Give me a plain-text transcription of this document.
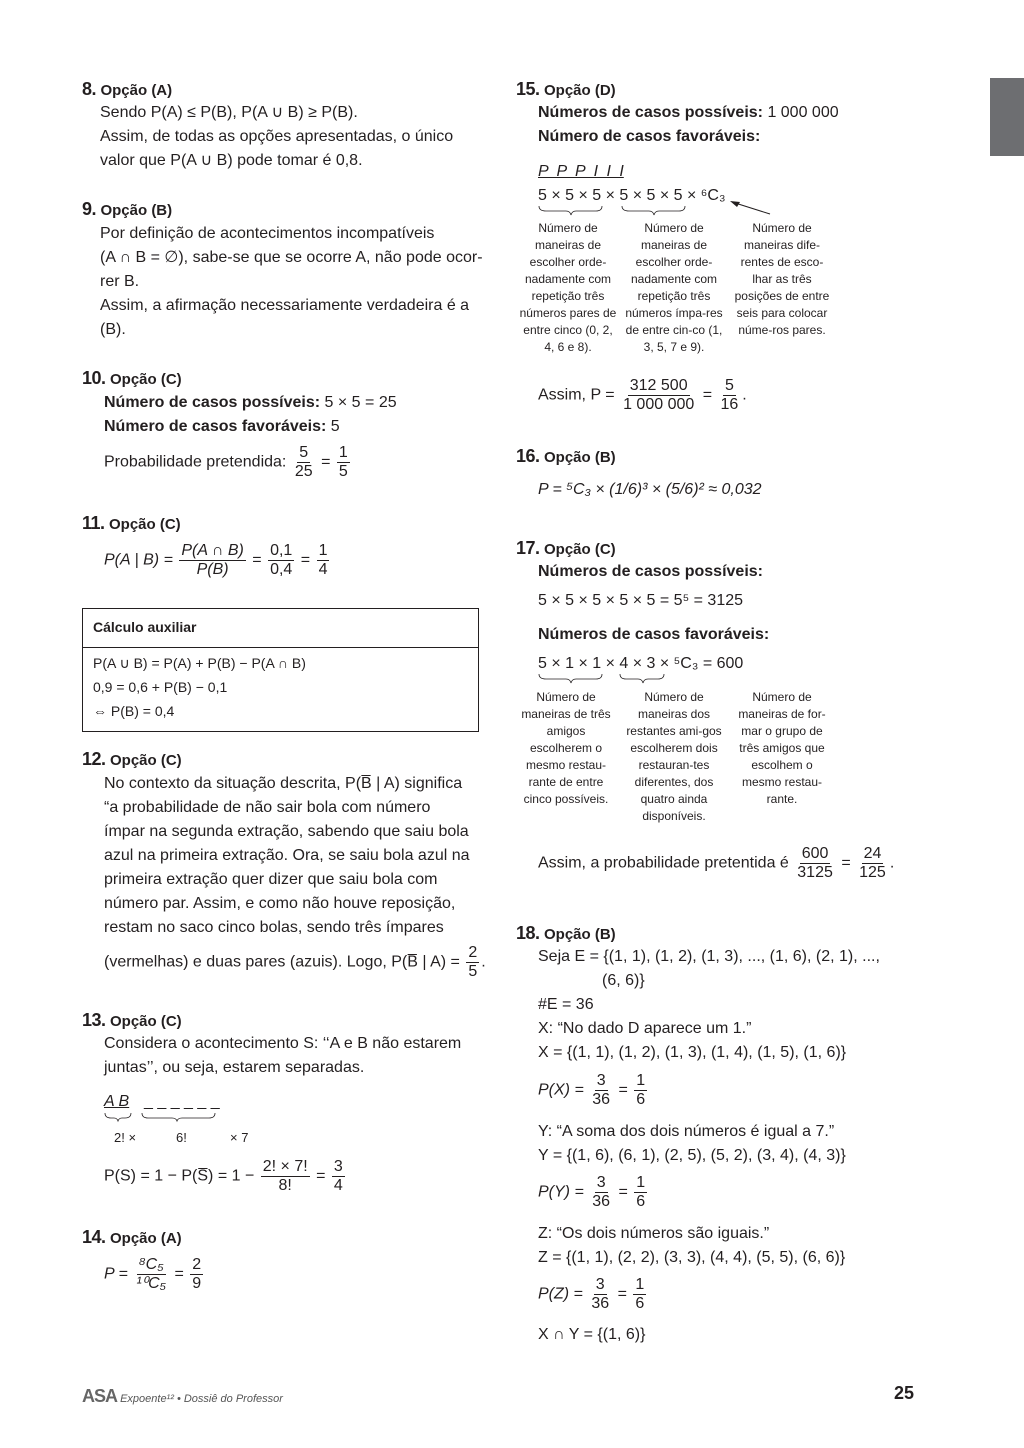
8. Opção (A)
Sendo P(A) ≤ P(B), P(A ∪ B) ≥ P(B).
Assim, de todas as opções apresentadas, o único
valor que P(A ∪ B) pode tomar é 0,8.
9. Opção (B)
Por definição de acontecimentos incompatíveis
(A ∩ B = ∅), sabe-se que se ocorre A, não pode ocor-
rer B.
Assim, a afirmação necessariamente verdadeira é a
(B).
10. Opção (C)
Número de casos possíveis: 5 × 5 = 25
Número de casos favoráveis: 5
Probabilidade pretendida: $\frac{5}{25} = \frac{1}{5}$
11. Opção (C)
P(A | $B) = \frac{P(A \cap B)}{P(B)} = \frac{0,1}{0,4} = \frac{1}{4}$
Cálculo auxiliar
P(A ∪ B) = P(A) + P(B) − P(A ∩ B)
0,9 = 0,6 + P(B) − 0,1
⇔ P(B) = 0,4
12. Opção (C)
No contexto da situação descrita, P(B̅ | A) significa
“a probabilidade de não sair bola com número
ímpar na segunda extração, sabendo que saiu bola
azul na primeira extração. Ora, se saiu bola azul na
primeira extração quer dizer que saiu bola com
número par. Assim, e como não houve reposição,
restam no saco cinco bolas, sendo três ímpares
(vermelhas) e duas pares (azuis). Logo, P(B̅ | $A) = \frac{2}{5}$ .
13. Opção (C)
Considera o acontecimento S: ‘‘A e B não estarem
juntas’’, ou seja, estarem separadas.
A B _ _ _ _ _ _
2! ×	6!	× 7
P(S) = 1 − P(S̅) = $1 - \frac{2! \times 7!}{8!} = \frac{3}{4}$
14. Opção (A)
$P = \frac{\text{⁸C₅}}{\text{¹⁰C₅}} = \frac{2}{9}$
15. Opção (D)
Números de casos possíveis: 1 000 000
Número de casos favoráveis:
P P P I I I
5 × 5 × 5 × 5 × 5 × 5 × ⁶C₃
Número de maneiras de escolher orde-nadamente com repetição três números pares de entre cinco (0, 2, 4, 6 e 8).
Número de maneiras de escolher orde-nadamente com repetição três números ímpa-res de entre cin-co (1, 3, 5, 7 e 9).
Número de maneiras dife-rentes de esco-lhar as três posições de entre seis para colocar núme-ros pares.
Assim, $P = \frac{312 500}{1 000 000} = \frac{5}{16}$ .
16. Opção (B)
P = ⁵C₃ × (1/6)³ × (5/6)² ≈ 0,032
17. Opção (C)
Números de casos possíveis:
5 × 5 × 5 × 5 × 5 = 5⁵ = 3125
Números de casos favoráveis:
5 × 1 × 1 × 4 × 3 × ⁵C₃ = 600
Número de maneiras de três amigos escolherem o mesmo restau-rante de entre cinco possíveis.
Número de maneiras dos restantes ami-gos escolherem dois restauran-tes diferentes, dos quatro ainda disponíveis.
Número de maneiras de for-mar o grupo de três amigos que escolhem o mesmo restau-rante.
Assim, a probabilidade pretentida é $\frac{600}{3125} = \frac{24}{125}$ .
18. Opção (B)
Seja E = {(1, 1), (1, 2), (1, 3), ..., (1, 6), (2, 1), ...,
(6, 6)}
#E = 36
X: “No dado D aparece um 1.”
X = {(1, 1), (1, 2), (1, 3), (1, 4), (1, 5), (1, 6)}
$P(X) = \frac{3}{36} = \frac{1}{6}$
Y: “A soma dos dois números é igual a 7.”
Y = {(1, 6), (6, 1), (2, 5), (5, 2), (3, 4), (4, 3)}
$P(Y) = \frac{3}{36} = \frac{1}{6}$
Z: “Os dois números são iguais.”
Z = {(1, 1), (2, 2), (3, 3), (4, 4), (5, 5), (6, 6)}
$P(Z) = \frac{3}{36} = \frac{1}{6}$
X ∩ Y = {(1, 6)}
ASA Expoente¹² • Dossiê do Professor	25
